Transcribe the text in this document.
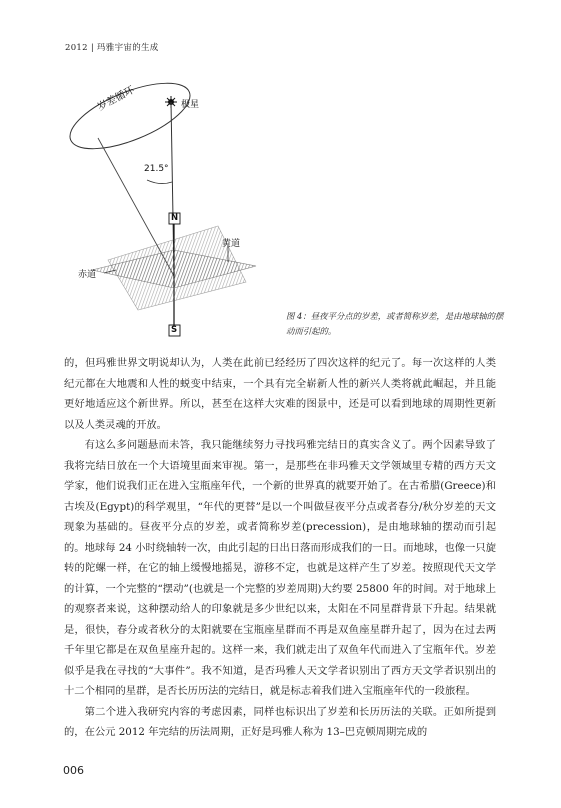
2012 | 玛雅宇宙的生成
岁差循环	极星
21.5°
N
黄道
赤道
S
图 4：昼夜平分点的岁差，或者简称岁差，是由地球轴的摆动而引起的。

的，但玛雅世界文明说却认为，人类在此前已经经历了四次这样的纪元了。每一次这样的人类纪元都在大地震和人性的蜕变中结束，一个具有完全崭新人性的新兴人类将就此崛起，并且能更好地适应这个新世界。所以，甚至在这样大灾难的图景中，还是可以看到地球的周期性更新以及人类灵魂的开放。

有这么多问题悬而未答，我只能继续努力寻找玛雅完结日的真实含义了。两个因素导致了我将完结日放在一个大语境里面来审视。第一，是那些在非玛雅天文学领域里专精的西方天文学家，他们说我们正在进入宝瓶座年代，一个新的世界真的就要开始了。在古希腊(Greece)和古埃及(Egypt)的科学观里，“年代的更替”是以一个叫做昼夜平分点或者春分/秋分岁差的天文现象为基础的。昼夜平分点的岁差，或者简称岁差(precession)，是由地球轴的摆动而引起的。地球每 24 小时绕轴转一次，由此引起的日出日落而形成我们的一日。而地球，也像一只旋转的陀螺一样，在它的轴上缓慢地摇晃，游移不定，也就是这样产生了岁差。按照现代天文学的计算，一个完整的“摆动”(也就是一个完整的岁差周期)大约要 25800 年的时间。对于地球上的观察者来说，这种摆动给人的印象就是多少世纪以来，太阳在不同星群背景下升起。结果就是，很快，春分或者秋分的太阳就要在宝瓶座星群而不再是双鱼座星群升起了，因为在过去两千年里它都是在双鱼星座升起的。这样一来，我们就走出了双鱼年代而进入了宝瓶年代。岁差似乎是我在寻找的“大事件”。我不知道，是否玛雅人天文学者识别出了西方天文学者识别出的十二个相同的星群，是否长历历法的完结日，就是标志着我们进入宝瓶座年代的一段旅程。

第二个进入我研究内容的考虑因素，同样也标识出了岁差和长历历法的关联。正如所提到的，在公元 2012 年完结的历法周期，正好是玛雅人称为 13–巴克顿周期完成的

006
